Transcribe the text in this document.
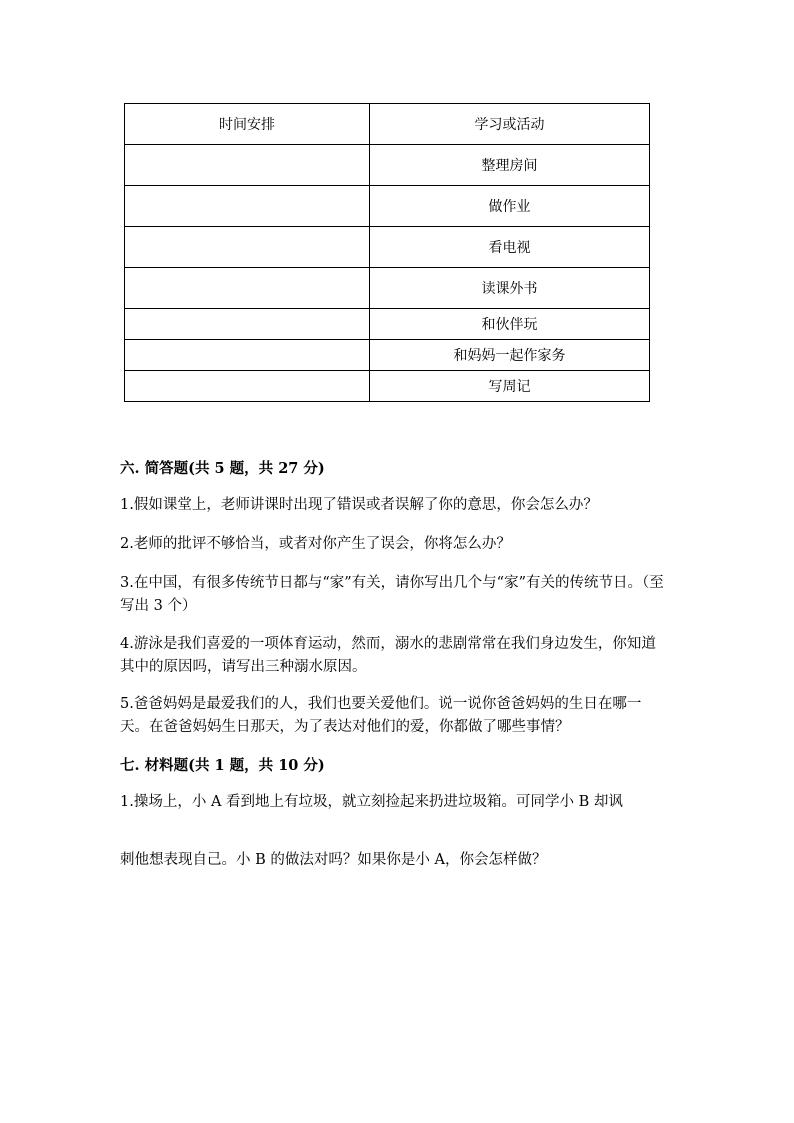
时间安排	学习或活动
	整理房间
	做作业
	看电视
	读课外书
	和伙伴玩
	和妈妈一起作家务
	写周记
六. 简答题(共 5 题，共 27 分)

1.假如课堂上，老师讲课时出现了错误或者误解了你的意思，你会怎么办？

2.老师的批评不够恰当，或者对你产生了误会，你将怎么办？

3.在中国，有很多传统节日都与“家”有关，请你写出几个与“家”有关的传统节日。（至写出 3 个）

4.游泳是我们喜爱的一项体育运动，然而，溺水的悲剧常常在我们身边发生，你知道其中的原因吗，请写出三种溺水原因。

5.爸爸妈妈是最爱我们的人，我们也要关爱他们。说一说你爸爸妈妈的生日在哪一天。在爸爸妈妈生日那天，为了表达对他们的爱，你都做了哪些事情？

七. 材料题(共 1 题，共 10 分)

1.操场上，小 A 看到地上有垃圾，就立刻捡起来扔进垃圾箱。可同学小 B 却讽

刺他想表现自己。小 B 的做法对吗？如果你是小 A，你会怎样做？
